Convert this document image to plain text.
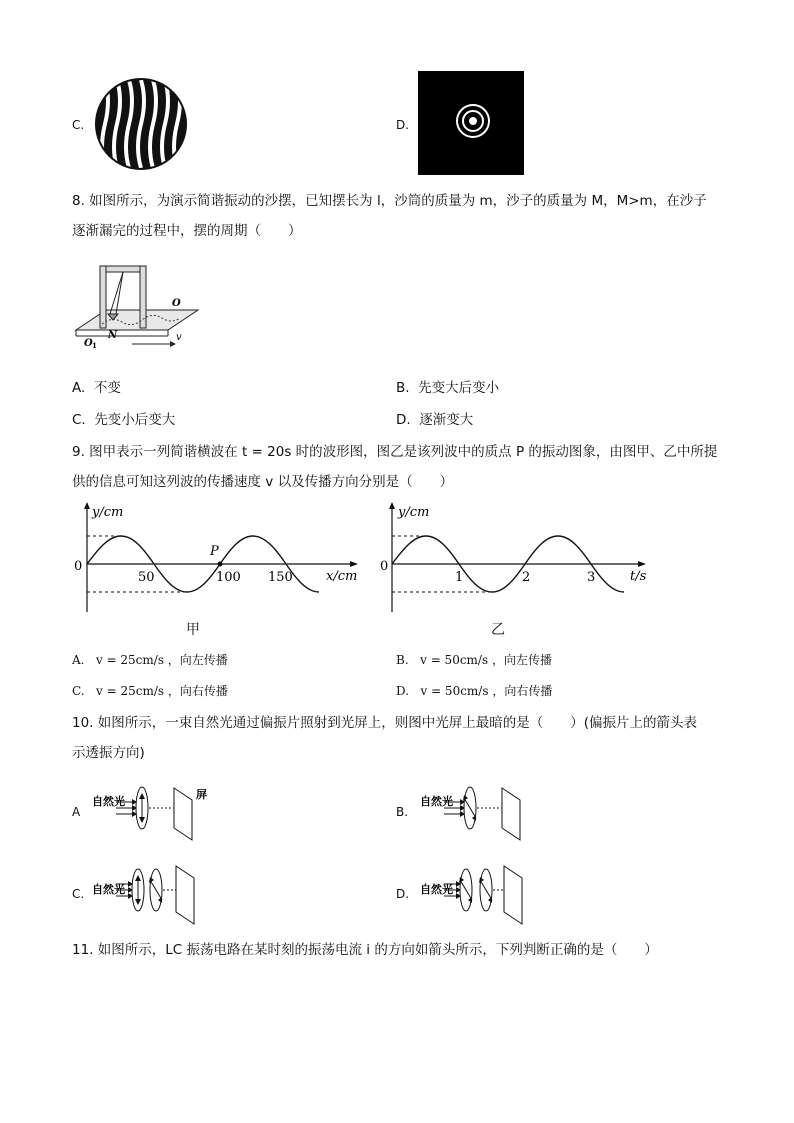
C.	D.
8. 如图所示，为演示简谐振动的沙摆，已知摆长为 l，沙筒的质量为 m，沙子的质量为 M，M>m，在沙子
逐渐漏完的过程中，摆的周期（　　）
O
O 1
N	v
A. 不变	B. 先变大后变小
C. 先变小后变大	D. 逐渐变大
9. 图甲表示一列简谐横波在 t = 20s 时的波形图，图乙是该列波中的质点 P 的振动图象，由图甲、乙中所提
供的信息可知这列波的传播速度 v 以及传播方向分别是（　　）
y/cm
x/cm
0
50	100 150
P
甲
y/cm
t/s
0
1	2	3
乙
A. v = 25cm/s ，向左传播	B. v = 50cm/s ，向左传播
C. v = 25cm/s ，向右传播	D. v = 50cm/s ，向右传播
10. 如图所示，一束自然光通过偏振片照射到光屏上，则图中光屏上最暗的是（　　）(偏振片上的箭头表
示透振方向)
A
自然光
屏
B.
自然光
C. 自然光	D. 自然光
11. 如图所示，LC 振荡电路在某时刻的振荡电流 i 的方向如箭头所示，下列判断正确的是（　　）
